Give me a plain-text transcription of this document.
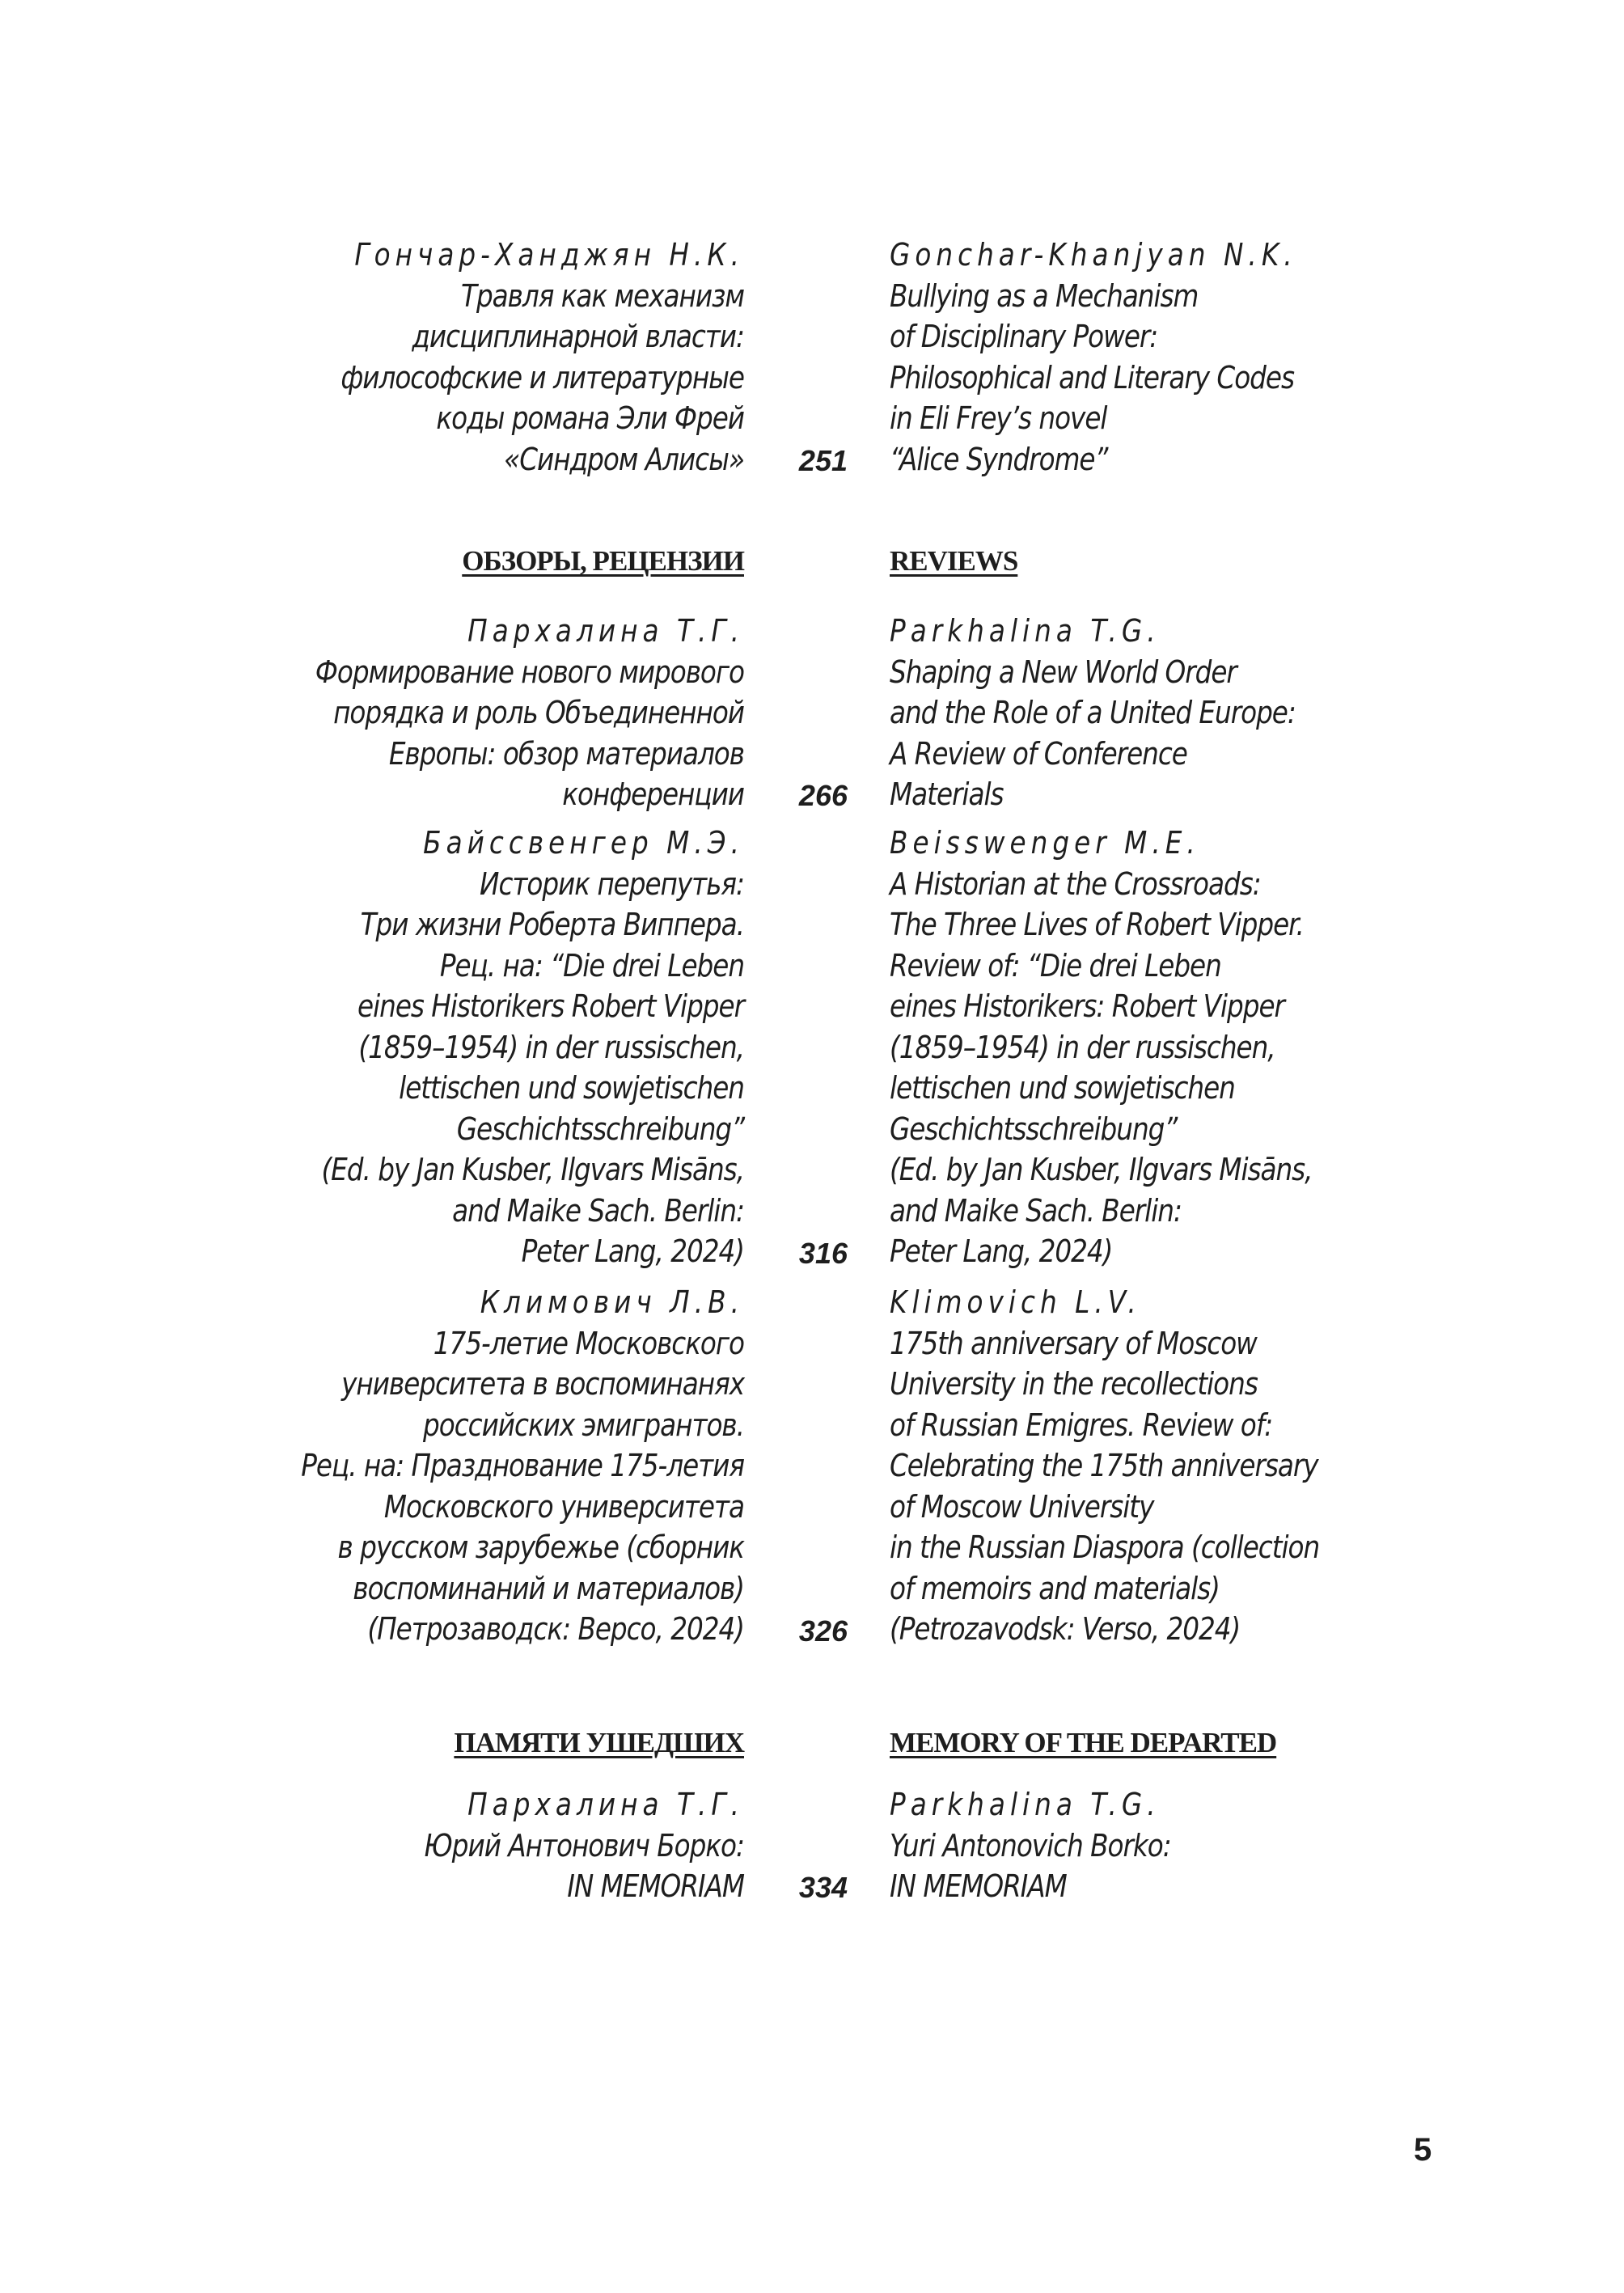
Гончар-Ханджян Н.К.
Травля как механизм
дисциплинарной власти:
философские и литературные
коды романа Эли Фрей
«Синдром Алисы» 251
Gonchar-Khanjyan N.K.
Bullying as a Mechanism
of Disciplinary Power:
Philosophical and Literary Codes
in Eli Frey’s novel
“Alice Syndrome”
ОБЗОРЫ, РЕЦЕНЗИИ	REVIEWS
Пархалина Т.Г.
Формирование нового мирового
порядка и роль Объединенной
Европы: обзор материалов
конференции 266
Parkhalina T.G.
Shaping a New World Order
and the Role of a United Europe:
A Review of Conference
Materials
Байссвенгер М.Э.
Историк перепутья:
Три жизни Роберта Виппера.
Рец. на: “Die drei Leben
eines Historikers Robert Vipper
(1859–1954) in der russischen,
lettischen und sowjetischen
Geschichtsschreibung”
(Ed. by Jan Kusber, Ilgvars Misāns,
and Maike Sach. Berlin:
Peter Lang, 2024) 316
Beisswenger M.E.
A Historian at the Crossroads:
The Three Lives of Robert Vipper.
Review of: “Die drei Leben
eines Historikers: Robert Vipper
(1859–1954) in der russischen,
lettischen und sowjetischen
Geschichtsschreibung”
(Ed. by Jan Kusber, Ilgvars Misāns,
and Maike Sach. Berlin:
Peter Lang, 2024)
Климович Л.В.
175-летие Московского
университета в воспоминанях
российских эмигрантов.
Рец. на: Празднование 175-летия
Московского университета
в русском зарубежье (сборник
воспоминаний и материалов)
(Петрозаводск: Версо, 2024) 326
Klimovich L.V.
175th anniversary of Moscow
University in the recollections
of Russian Emigres. Review of:
Celebrating the 175th anniversary
of Moscow University
in the Russian Diaspora (collection
of memoirs and materials)
(Petrozavodsk: Verso, 2024)
ПАМЯТИ УШЕДШИХ	MEMORY OF THE DEPARTED
Пархалина Т.Г.
Юрий Антонович Борко:
IN MEMORIAM 334
Parkhalina T.G.
Yuri Antonovich Borko:
IN MEMORIAM
5
